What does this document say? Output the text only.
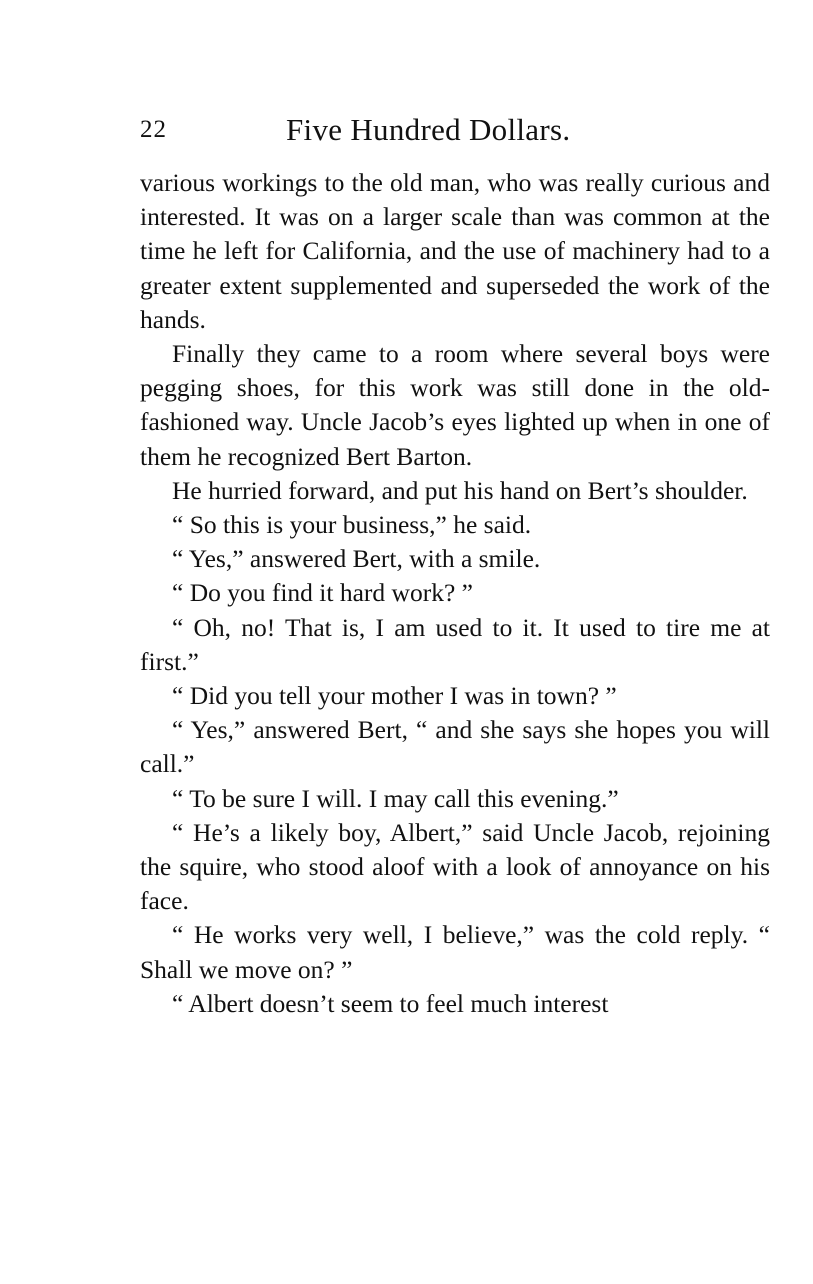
22	Five Hundred Dollars.

various workings to the old man, who was really curious and interested. It was on a larger scale than was common at the time he left for California, and the use of machinery had to a greater extent supplemented and superseded the work of the hands.

Finally they came to a room where several boys were pegging shoes, for this work was still done in the old-fashioned way. Uncle Jacob’s eyes lighted up when in one of them he recognized Bert Barton.

He hurried forward, and put his hand on Bert’s shoulder.

“ So this is your business,” he said.

“ Yes,” answered Bert, with a smile.

“ Do you find it hard work? ”

“ Oh, no! That is, I am used to it. It used to tire me at first.”

“ Did you tell your mother I was in town? ”

“ Yes,” answered Bert, “ and she says she hopes you will call.”

“ To be sure I will. I may call this evening.”

“ He’s a likely boy, Albert,” said Uncle Jacob, rejoining the squire, who stood aloof with a look of annoyance on his face.

“ He works very well, I believe,” was the cold reply. “ Shall we move on? ”

“ Albert doesn’t seem to feel much interest
